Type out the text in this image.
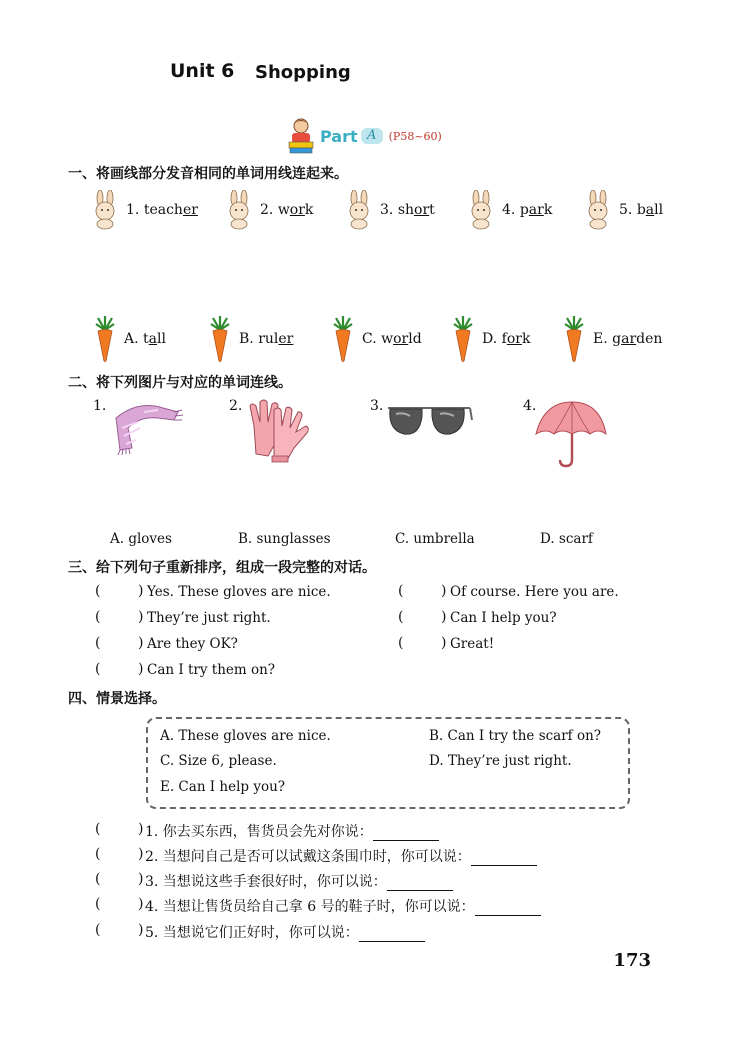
Unit 6 Shopping
Part A	(P58~60)
一、将画线部分发音相同的单词用线连起来。
1. teacher	2. work	3. short	4. park	5. ball
A. tall	B. ruler	C. world	D. fork	E. garden
二、将下列图片与对应的单词连线。
1.	2.	3.	4.
A. gloves	B. sunglasses	C. umbrella	D. scarf
三、给下列句子重新排序，组成一段完整的对话。
(	) Yes. These gloves are nice.
(	) They’re just right.
(	) Are they OK?
(	) Can I try them on?
(	) Of course. Here you are.
(	) Can I help you?
(	) Great!
四、情景选择。
A. These gloves are nice.	B. Can I try the scarf on?
C. Size 6, please.	D. They’re just right.
E. Can I help you?
(	) 1. 你去买东西，售货员会先对你说：
(	) 2. 当想问自己是否可以试戴这条围巾时，你可以说：
(	) 3. 当想说这些手套很好时，你可以说：
(	) 4. 当想让售货员给自己拿 6 号的鞋子时，你可以说：
(	) 5. 当想说它们正好时，你可以说：
173
